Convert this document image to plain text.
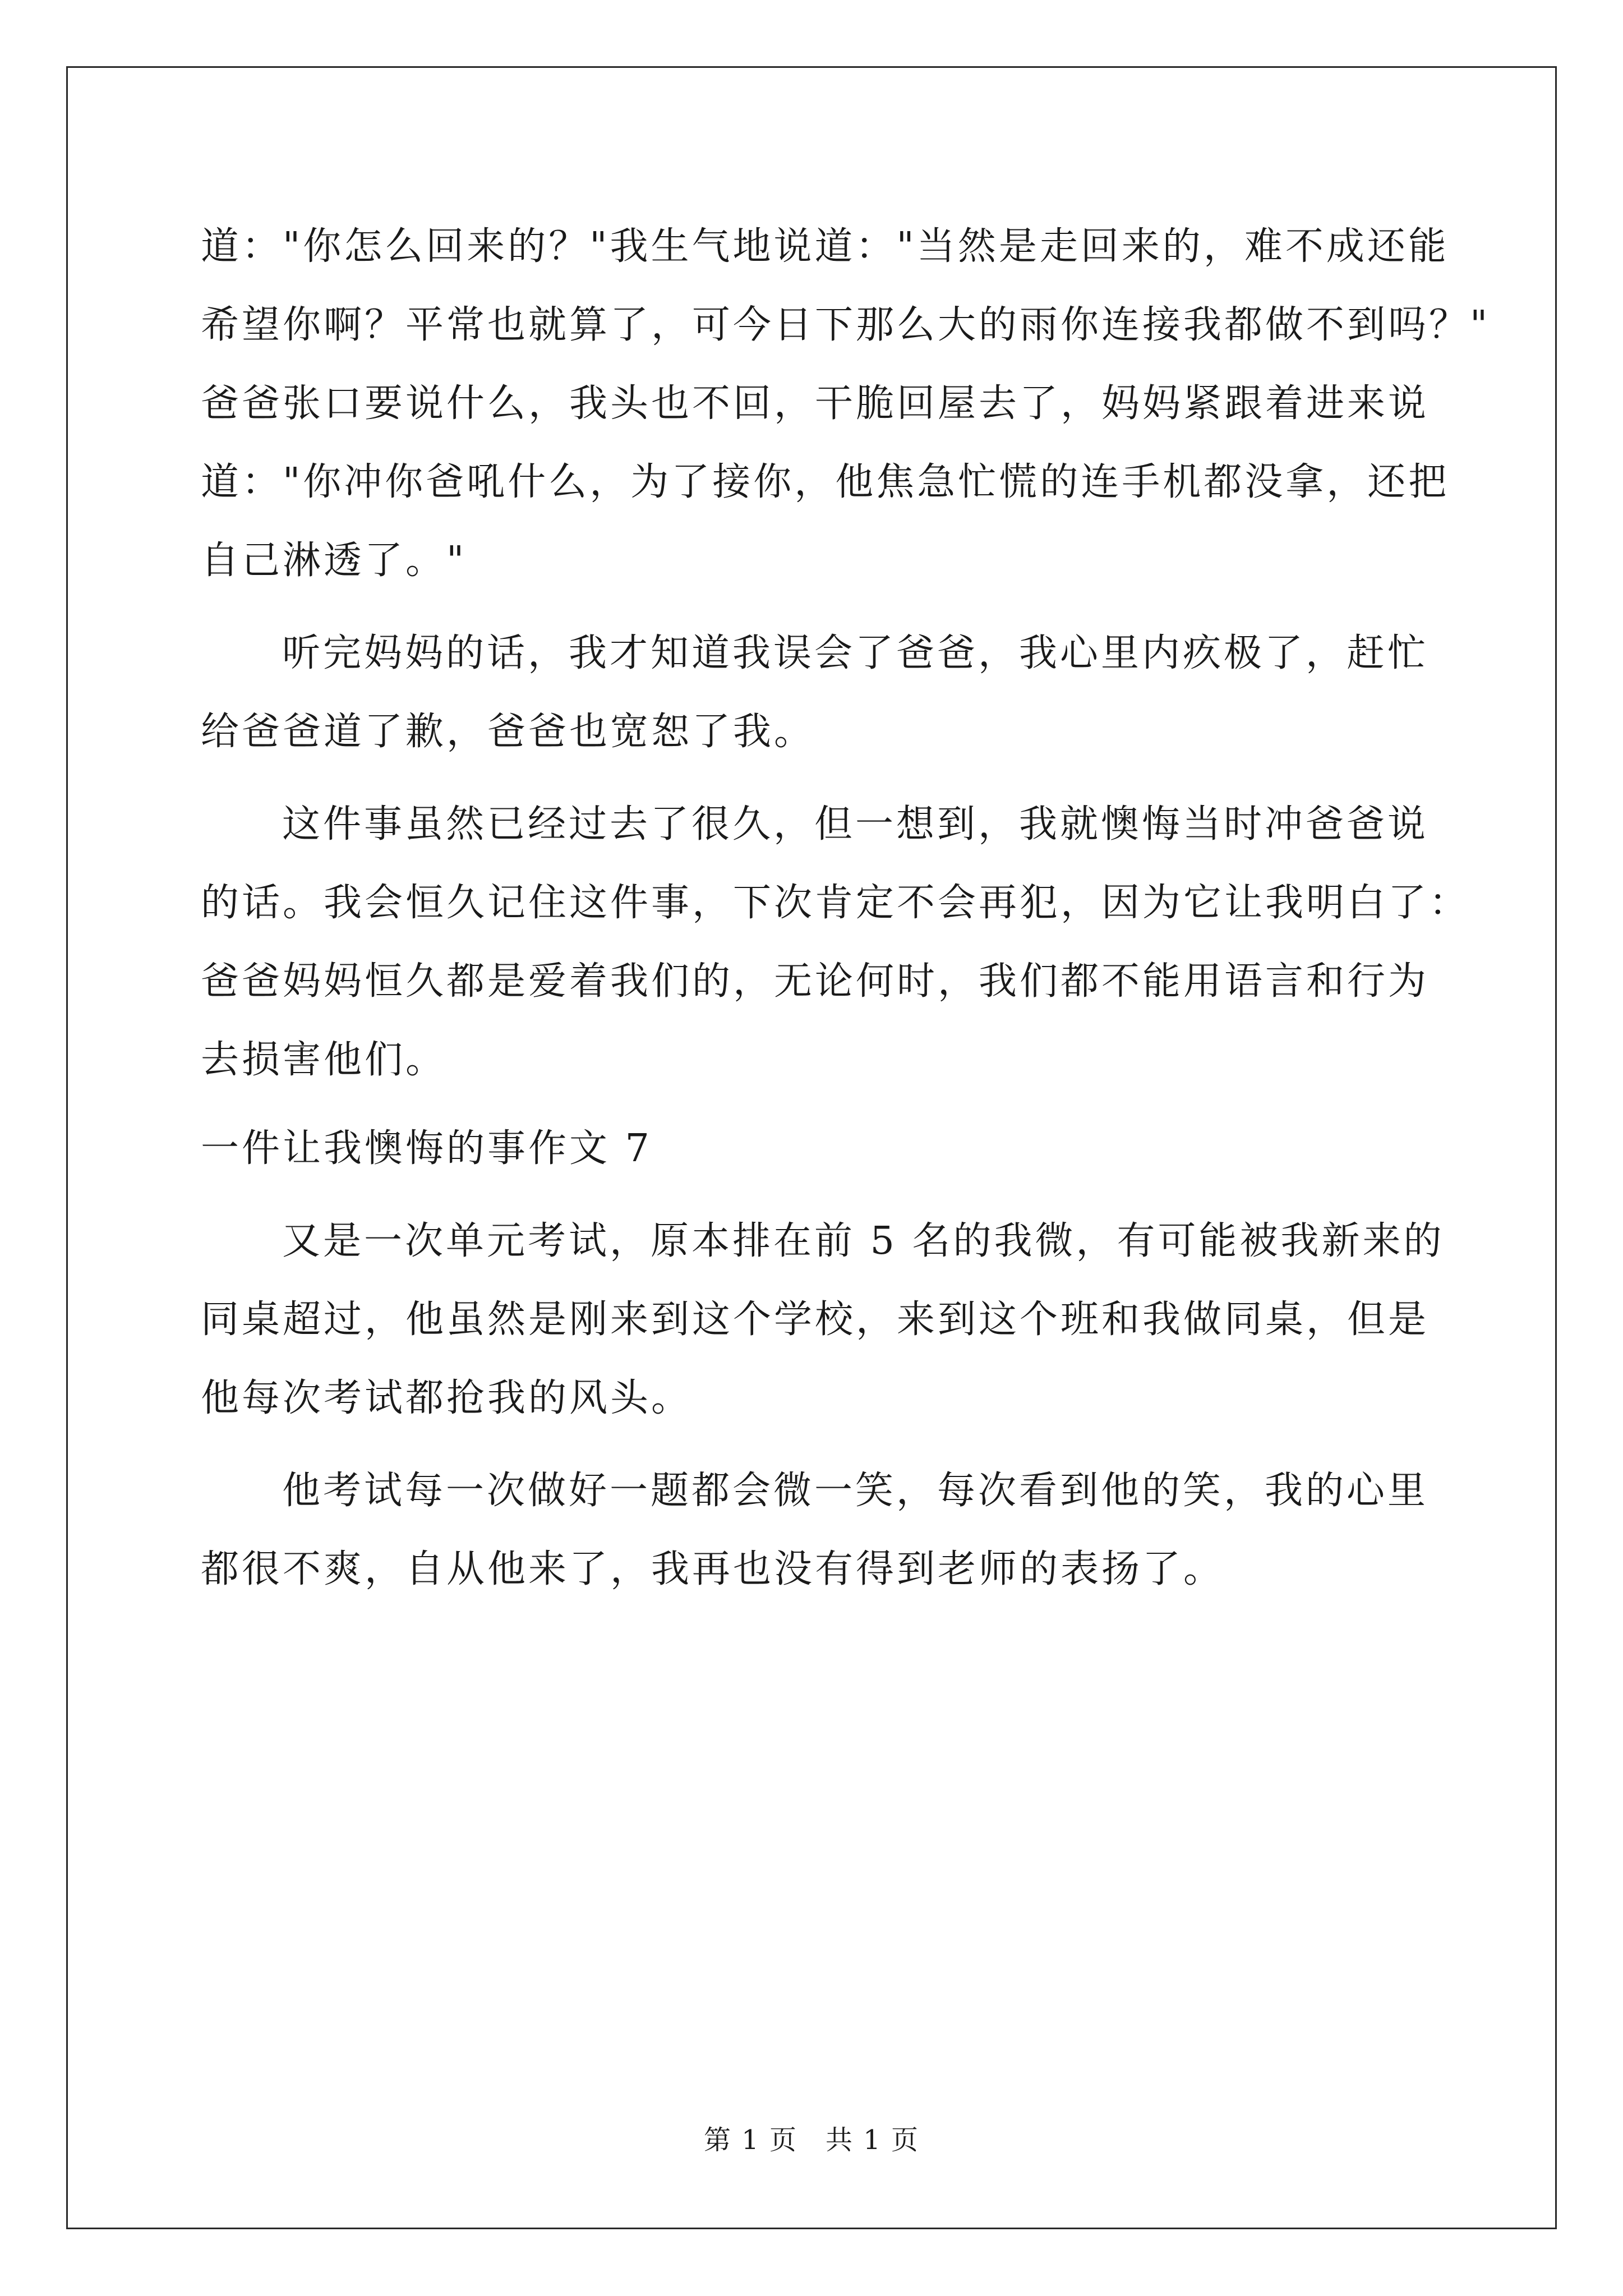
道："你怎么回来的？"我生气地说道："当然是走回来的，难不成还能
希望你啊？平常也就算了，可今日下那么大的雨你连接我都做不到吗？"
爸爸张口要说什么，我头也不回，干脆回屋去了，妈妈紧跟着进来说
道："你冲你爸吼什么，为了接你，他焦急忙慌的连手机都没拿，还把
自己淋透了。"
听完妈妈的话，我才知道我误会了爸爸，我心里内疚极了，赶忙
给爸爸道了歉，爸爸也宽恕了我。
这件事虽然已经过去了很久，但一想到，我就懊悔当时冲爸爸说
的话。我会恒久记住这件事，下次肯定不会再犯，因为它让我明白了：
爸爸妈妈恒久都是爱着我们的，无论何时，我们都不能用语言和行为
去损害他们。
一件让我懊悔的事作文 7
又是一次单元考试，原本排在前 5 名的我微，有可能被我新来的
同桌超过，他虽然是刚来到这个学校，来到这个班和我做同桌，但是
他每次考试都抢我的风头。
他考试每一次做好一题都会微一笑，每次看到他的笑，我的心里
都很不爽，自从他来了，我再也没有得到老师的表扬了。
第 1 页　共 1 页
